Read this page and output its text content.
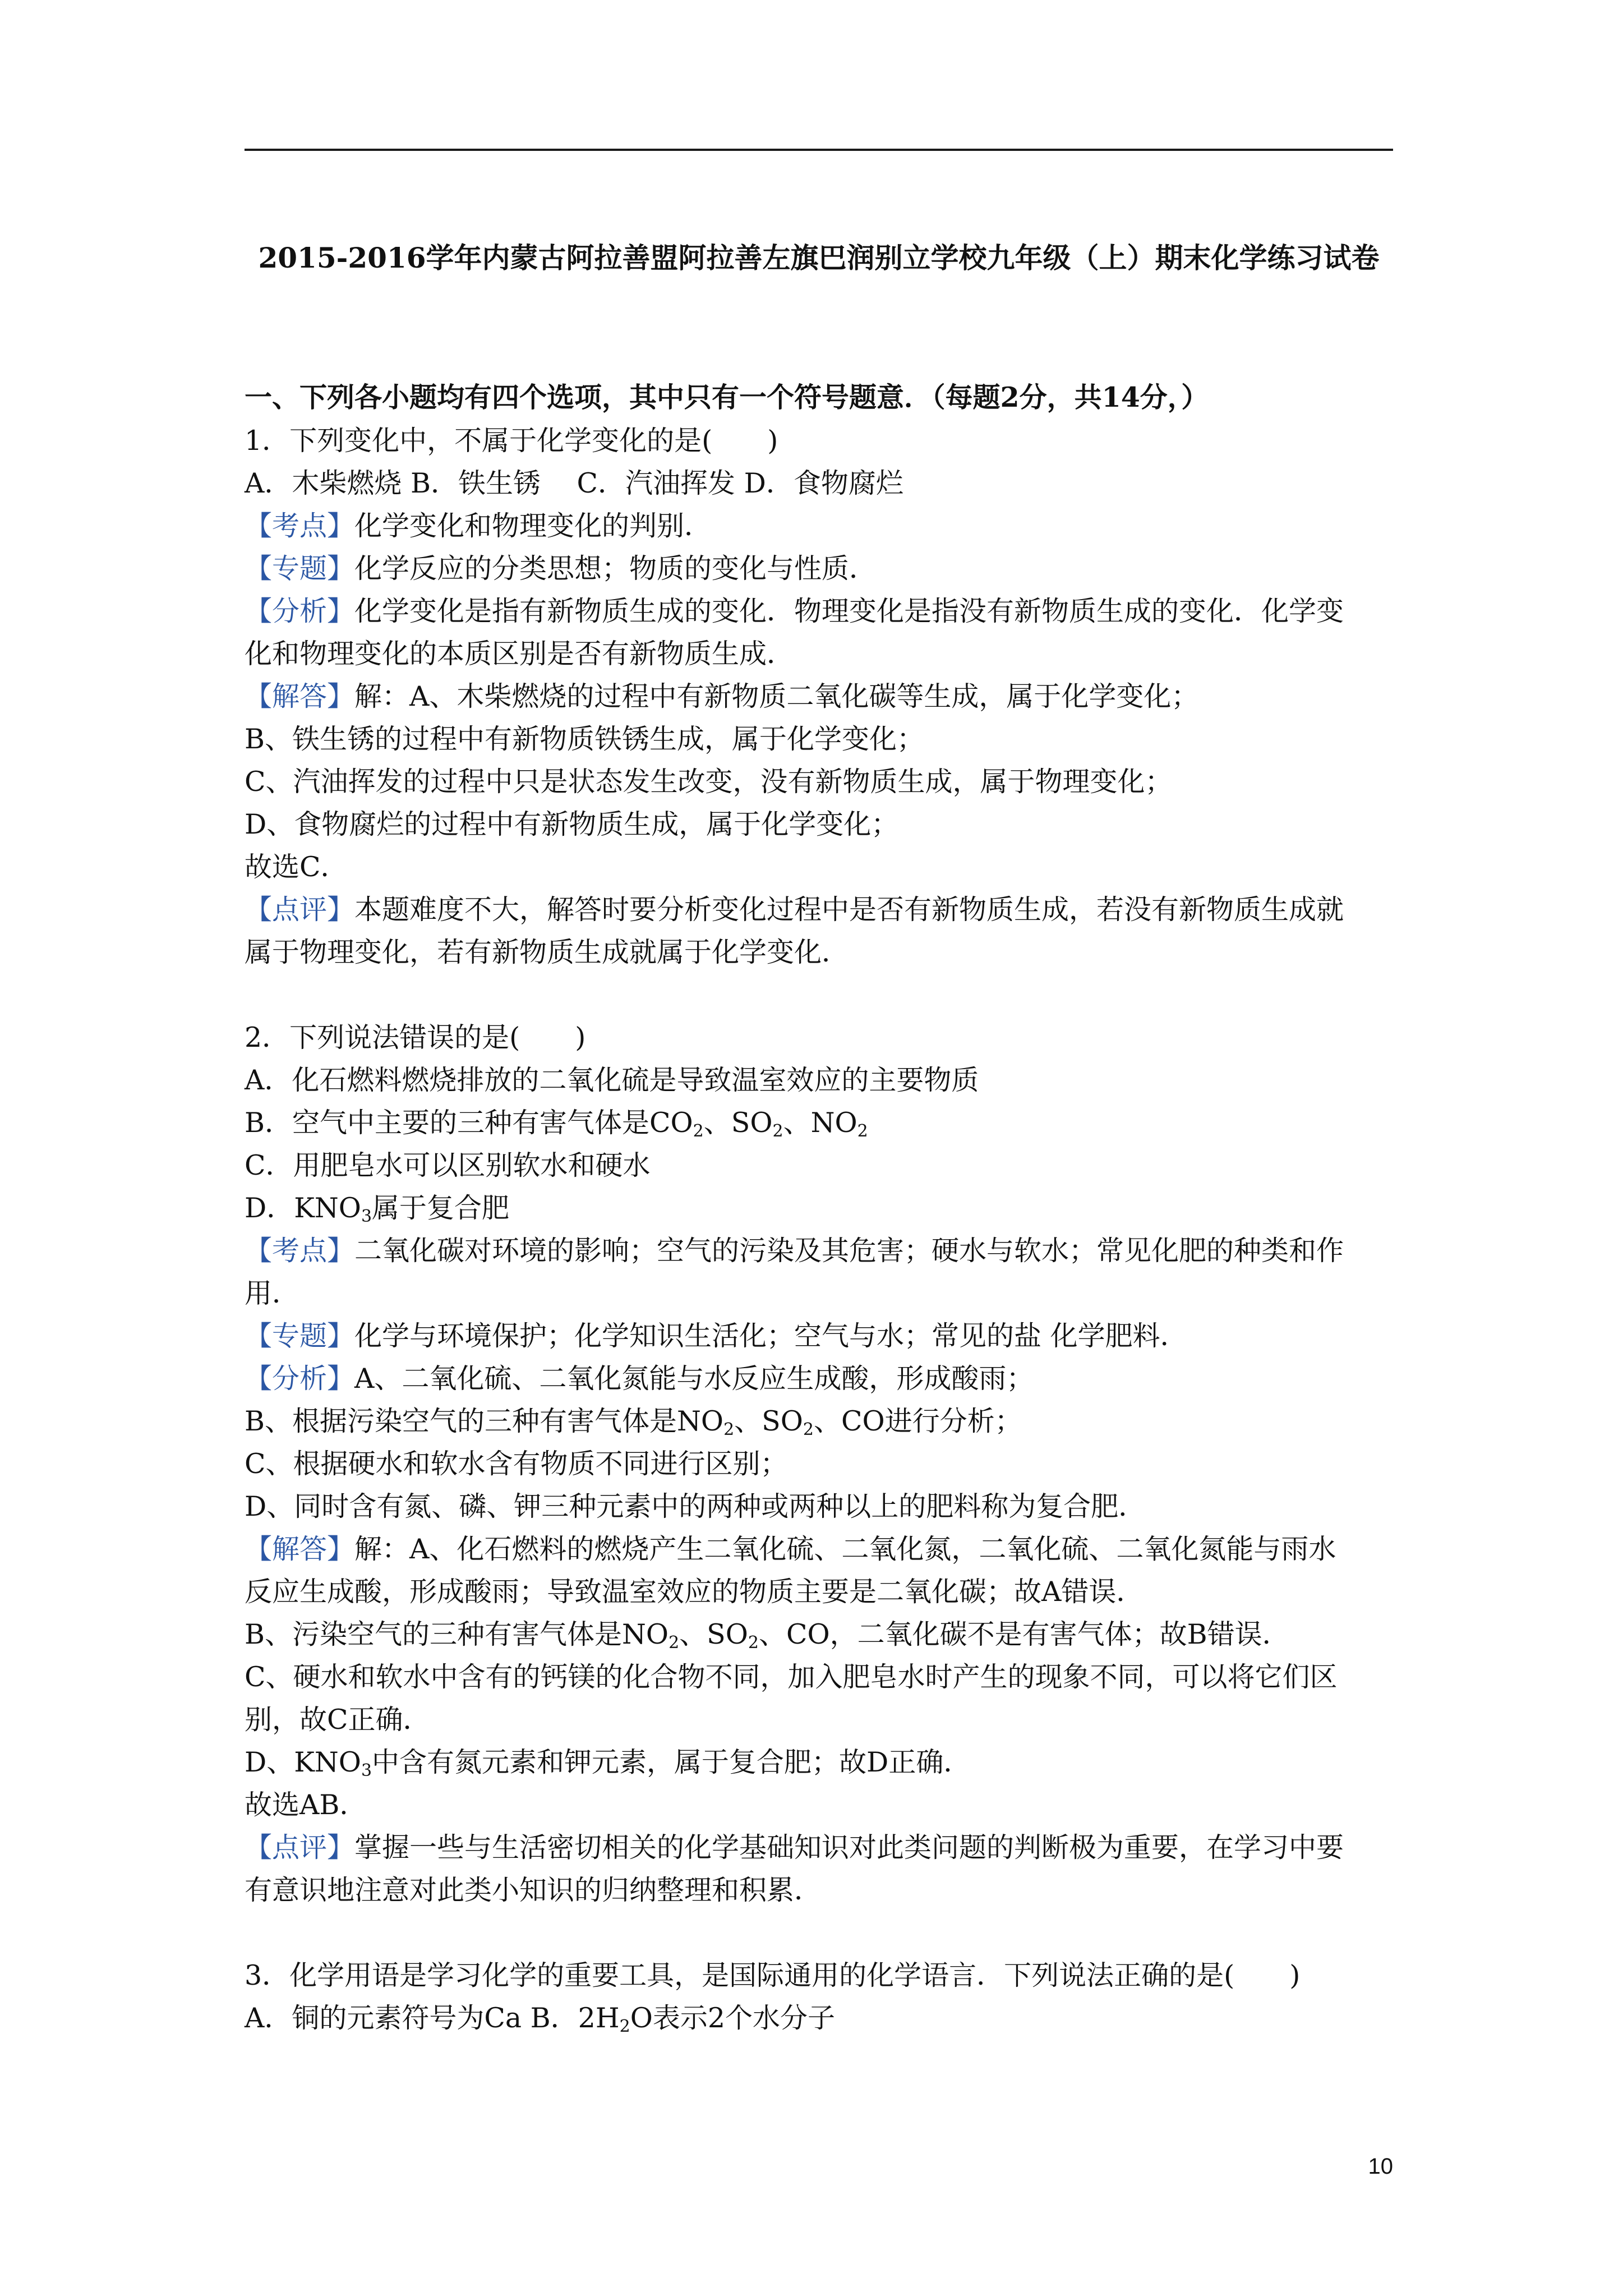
2015-2016学年内蒙古阿拉善盟阿拉善左旗巴润别立学校九年级（上）期末化学练习试卷
一、下列各小题均有四个选项，其中只有一个符号题意．（每题2分，共14分，）
1．下列变化中，不属于化学变化的是(　　)
A．木柴燃烧 B．铁生锈　 C．汽油挥发 D．食物腐烂
【考点】化学变化和物理变化的判别．
【专题】化学反应的分类思想；物质的变化与性质．
【分析】化学变化是指有新物质生成的变化．物理变化是指没有新物质生成的变化．化学变
化和物理变化的本质区别是否有新物质生成．
【解答】解：A、木柴燃烧的过程中有新物质二氧化碳等生成，属于化学变化；
B、铁生锈的过程中有新物质铁锈生成，属于化学变化；
C、汽油挥发的过程中只是状态发生改变，没有新物质生成，属于物理变化；
D、食物腐烂的过程中有新物质生成，属于化学变化；
故选C．
【点评】本题难度不大，解答时要分析变化过程中是否有新物质生成，若没有新物质生成就
属于物理变化，若有新物质生成就属于化学变化．
2．下列说法错误的是(　　)
A．化石燃料燃烧排放的二氧化硫是导致温室效应的主要物质
B．空气中主要的三种有害气体是$CO_2$、$SO_2$、$NO_2$
C．用肥皂水可以区别软水和硬水
D．$KNO_3$属于复合肥
【考点】二氧化碳对环境的影响；空气的污染及其危害；硬水与软水；常见化肥的种类和作
用．
【专题】化学与环境保护；化学知识生活化；空气与水；常见的盐 化学肥料．
【分析】A、二氧化硫、二氧化氮能与水反应生成酸，形成酸雨；
B、根据污染空气的三种有害气体是$NO_2$、$SO_2$、CO进行分析；
C、根据硬水和软水含有物质不同进行区别；
D、同时含有氮、磷、钾三种元素中的两种或两种以上的肥料称为复合肥．
【解答】解：A、化石燃料的燃烧产生二氧化硫、二氧化氮，二氧化硫、二氧化氮能与雨水
反应生成酸，形成酸雨；导致温室效应的物质主要是二氧化碳；故A错误．
B、污染空气的三种有害气体是$NO_2$、$SO_2$、CO，二氧化碳不是有害气体；故B错误．
C、硬水和软水中含有的钙镁的化合物不同，加入肥皂水时产生的现象不同，可以将它们区
别，故C正确．
D、$KNO_3$中含有氮元素和钾元素，属于复合肥；故D正确．
故选AB．
【点评】掌握一些与生活密切相关的化学基础知识对此类问题的判断极为重要，在学习中要
有意识地注意对此类小知识的归纳整理和积累．
3．化学用语是学习化学的重要工具，是国际通用的化学语言．下列说法正确的是(　　)
A．铜的元素符号为Ca B．$2H_2O$表示2个水分子
10
